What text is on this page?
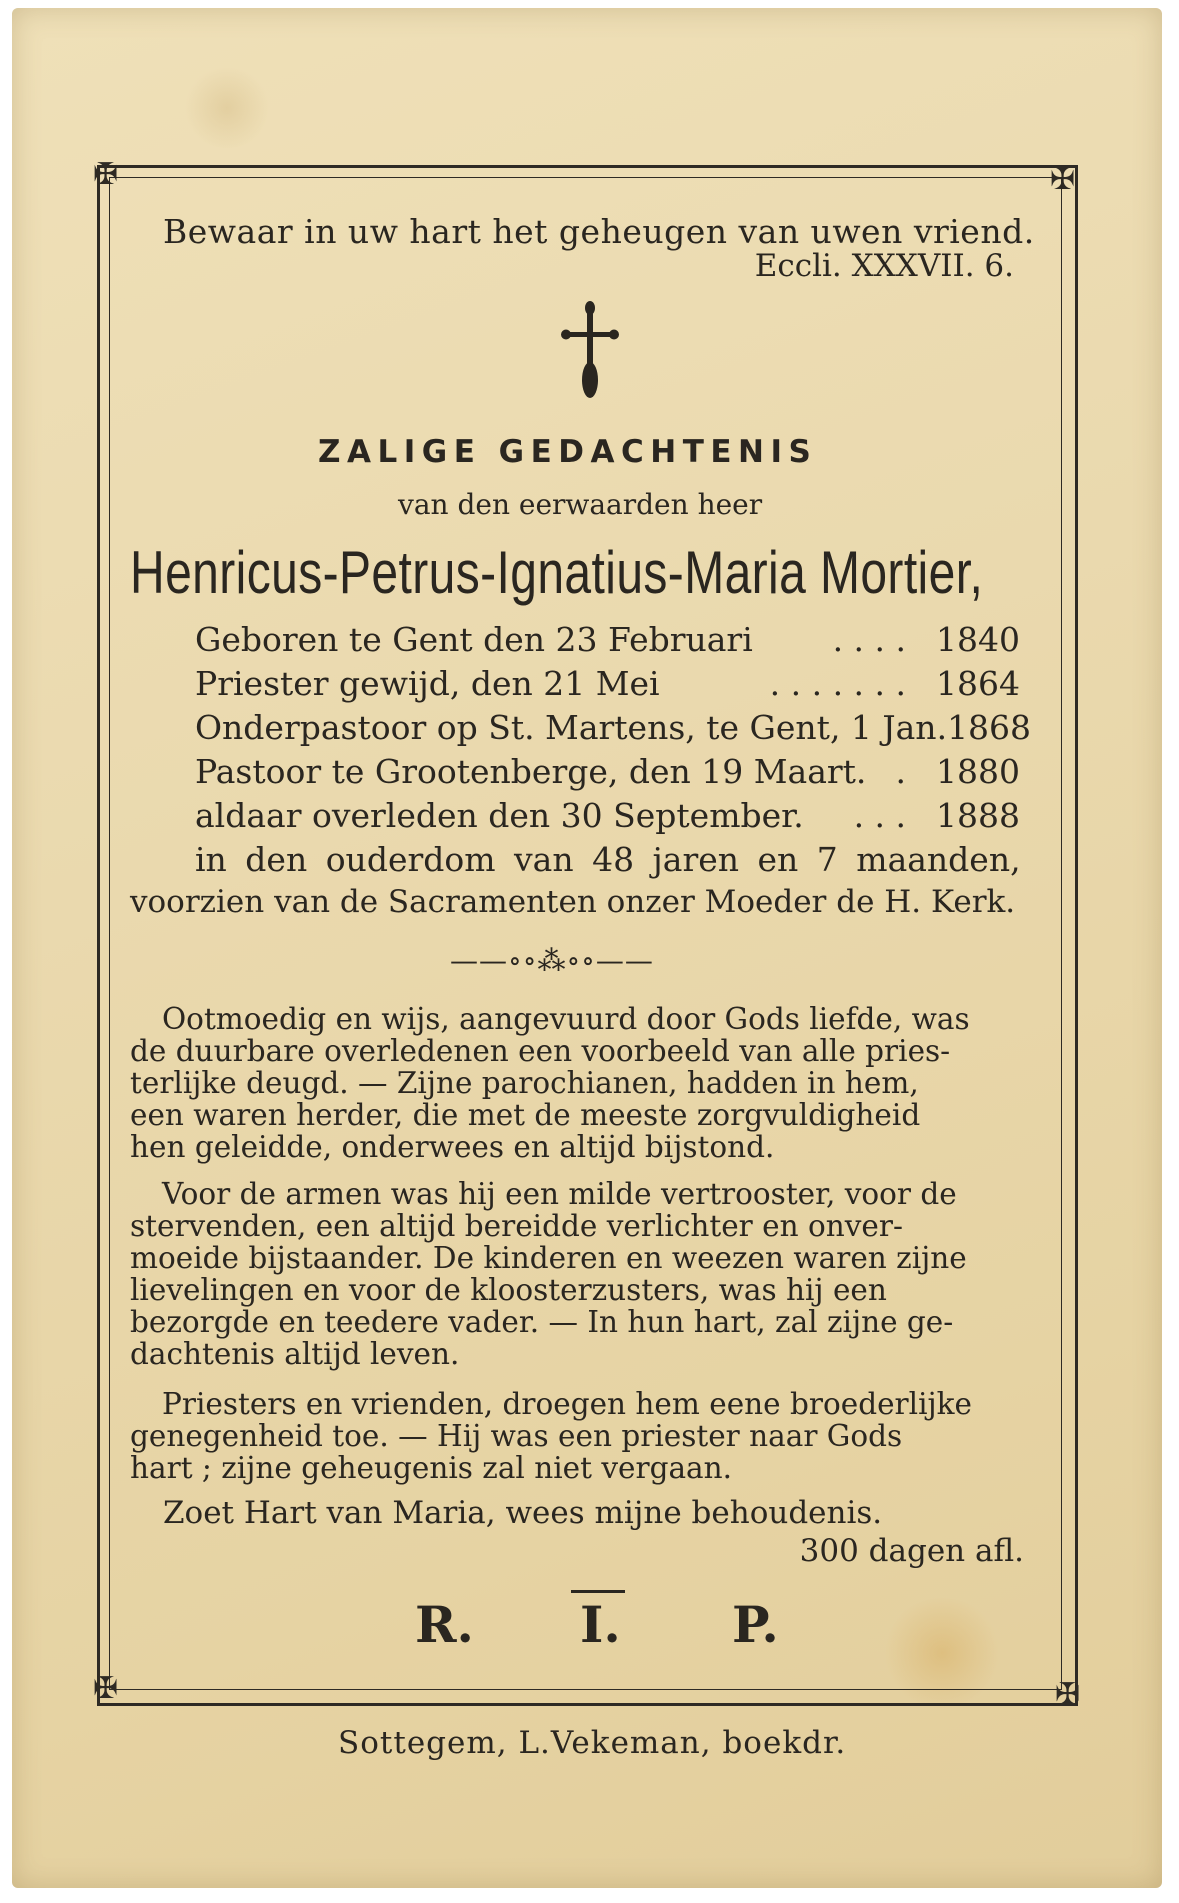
✠	✠
✠	✠
Bewaar in uw hart het geheugen van uwen vriend.
Eccli. XXXVII. 6.
ZALIGE GEDACHTENIS
van den eerwaarden heer
Henricus-Petrus-Ignatius-Maria Mortier,
Geboren te Gent den 23 Februari . . . . 1840
Priester gewijd, den 21 Mei	. . . . . . . 1864
Onderpastoor op St. Martens, te Gent, 1 Jan. 1868
Pastoor te Grootenberge, den 19 Maart. . 1880
aldaar overleden den 30 September. . . . 1888
in den ouderdom van 48 jaren en 7 maanden,
voorzien van de Sacramenten onzer Moeder de H. Kerk.
——∘∘⁂∘∘——
Ootmoedig en wijs, aangevuurd door Gods liefde, was
de duurbare overledenen een voorbeeld van alle pries-
terlijke deugd. — Zijne parochianen, hadden in hem,
een waren herder, die met de meeste zorgvuldigheid
hen geleidde, onderwees en altijd bijstond.
Voor de armen was hij een milde vertrooster, voor de
stervenden, een altijd bereidde verlichter en onver-
moeide bijstaander. De kinderen en weezen waren zijne
lievelingen en voor de kloosterzusters, was hij een
bezorgde en teedere vader. — In hun hart, zal zijne ge-
dachtenis altijd leven.
Priesters en vrienden, droegen hem eene broederlijke
genegenheid toe. — Hij was een priester naar Gods
hart ; zijne geheugenis zal niet vergaan.
Zoet Hart van Maria, wees mijne behoudenis.
300 dagen afl.
R. I. P.
Sottegem, L.Vekeman, boekdr.
